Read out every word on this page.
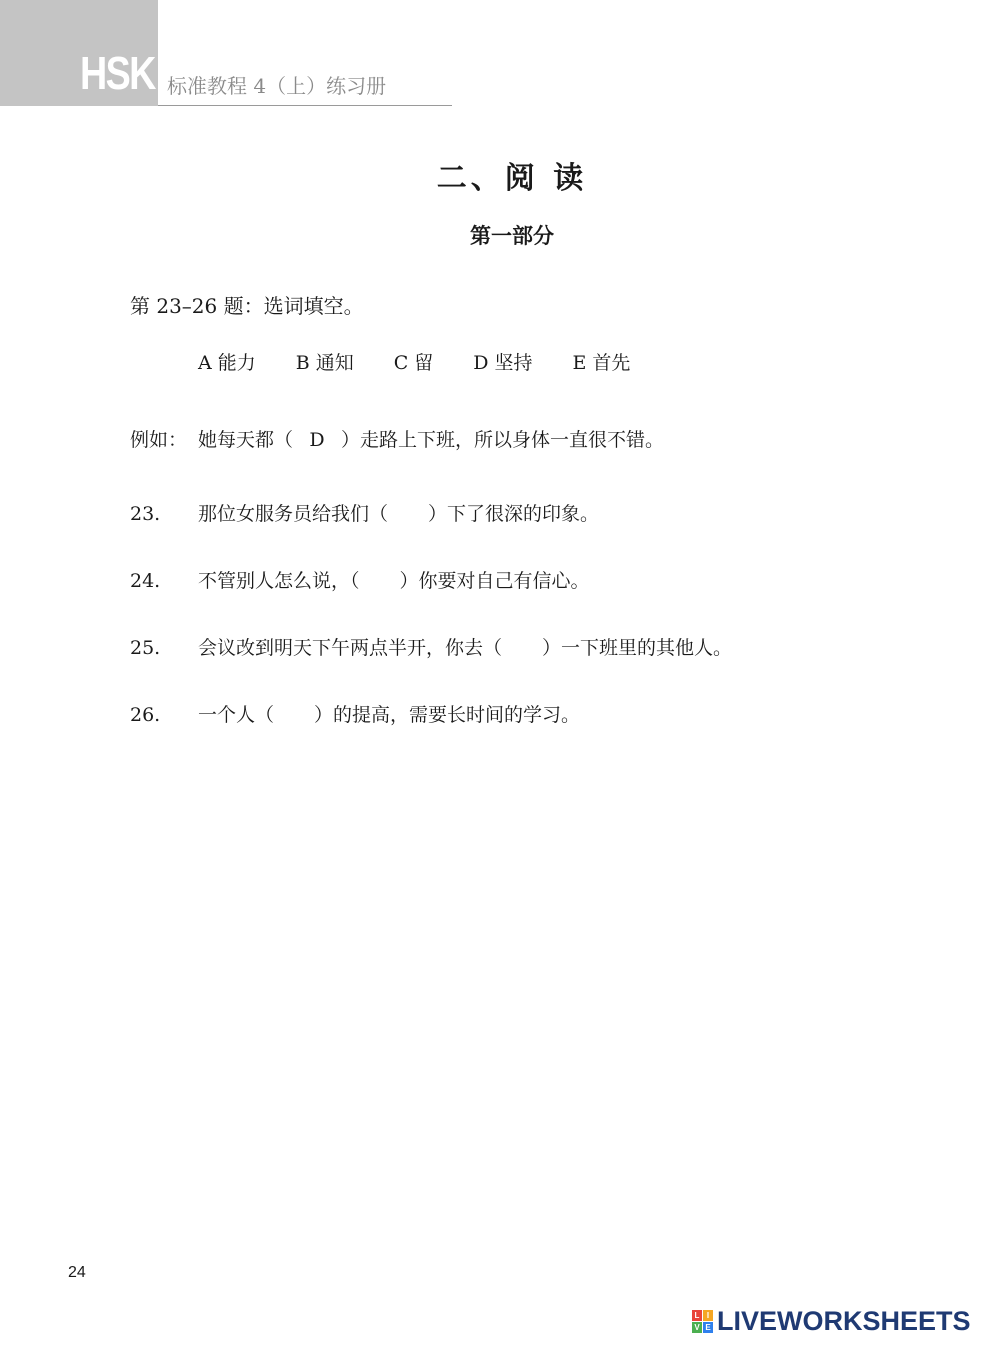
HSK 标准教程 4（上）练习册
二、阅 读
第一部分
第 23–26 题：选词填空。
A 能力 B 通知 C 留 D 坚持 E 首先
例如： 她每天都（ D ）走路上下班，所以身体一直很不错。
23. 那位女服务员给我们（ ）下了很深的印象。
24. 不管别人怎么说，（ ）你要对自己有信心。
25. 会议改到明天下午两点半开，你去（ ）一下班里的其他人。
26. 一个人（ ）的提高，需要长时间的学习。
24
L I
V E LIVEWORKSHEETS
